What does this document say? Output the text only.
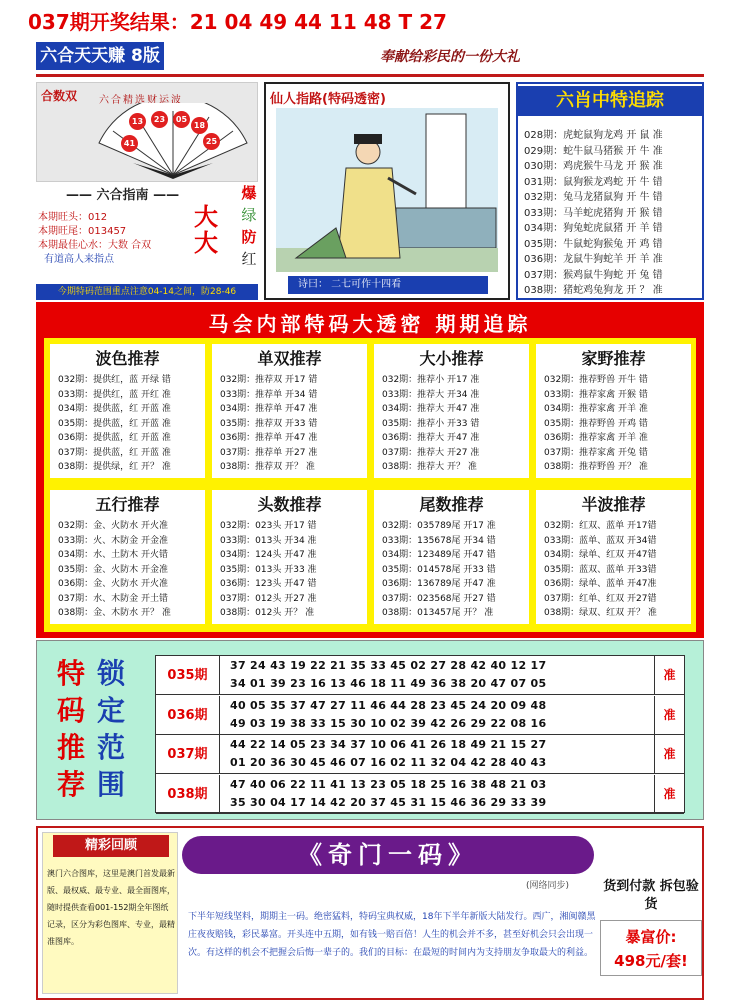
037期开奖结果：21 04 49 44 11 48 T 27
六合天天赚 8版	奉献给彩民的一份大礼
合数双 六合精选财运波
41
13	23	05
18
25
—— 六合指南 ——
本期旺头：012
本期旺尾：013457
本期最佳心水：大数 合双
有道高人来指点
大大
爆
绿
防
红
今期特码范围重点注意04-14之间，防28-46
仙人指路(特码透密)
诗曰： 二七可作十四看
六肖中特追踪
028期：虎蛇鼠狗龙鸡 开 鼠 准
029期：蛇牛鼠马猪猴 开 牛 准
030期：鸡虎猴牛马龙 开 猴 准
031期：鼠狗猴龙鸡蛇 开 牛 错
032期：兔马龙猪鼠狗 开 牛 错
033期：马羊蛇虎猪狗 开 猴 错
034期：狗兔蛇虎鼠猪 开 羊 错
035期：牛鼠蛇狗猴兔 开 鸡 错
036期：龙鼠牛狗蛇羊 开 羊 准
037期：猴鸡鼠牛狗蛇 开 兔 错
038期：猪蛇鸡兔狗龙 开 ？ 准
马会内部特码大透密 期期追踪
波色推荐
032期：提供红，蓝 开绿 错
033期：提供红，蓝 开红 准
034期：提供蓝，红 开蓝 准
035期：提供蓝，红 开蓝 准
036期：提供蓝，红 开蓝 准
037期：提供蓝，红 开蓝 准
038期：提供绿，红 开？ 准
单双推荐
032期：推荐双 开17 错
033期：推荐单 开34 错
034期：推荐单 开47 准
035期：推荐双 开33 错
036期：推荐单 开47 准
037期：推荐单 开27 准
038期：推荐双 开？ 准
大小推荐
032期：推荐小 开17 准
033期：推荐大 开34 准
034期：推荐大 开47 准
035期：推荐小 开33 错
036期：推荐大 开47 准
037期：推荐大 开27 准
038期：推荐大 开？ 准
家野推荐
032期：推荐野兽 开牛 错
033期：推荐家禽 开猴 错
034期：推荐家禽 开羊 准
035期：推荐野兽 开鸡 错
036期：推荐家禽 开羊 准
037期：推荐家禽 开兔 错
038期：推荐野兽 开？ 准
五行推荐
032期：金、火防水 开火准
033期：火、木防金 开金准
034期：水、土防木 开火错
035期：金、火防木 开金准
036期：金、火防水 开火准
037期：水、木防金 开土错
038期：金、木防水 开？ 准
头数推荐
032期：023头 开17 错
033期：013头 开34 准
034期：124头 开47 准
035期：013头 开33 准
036期：123头 开47 错
037期：012头 开27 准
038期：012头 开？ 准
尾数推荐
032期：035789尾 开17 准
033期：135678尾 开34 错
034期：123489尾 开47 错
035期：014578尾 开33 错
036期：136789尾 开47 准
037期：023568尾 开27 错
038期：013457尾 开？ 准
半波推荐
032期：红双、蓝单 开17错
033期：蓝单、蓝双 开34错
034期：绿单、红双 开47错
035期：蓝双、蓝单 开33错
036期：绿单、蓝单 开47准
037期：红单、红双 开27错
038期：绿双、红双 开？ 准
特
码
推
荐
锁
定
范
围
035期
37 24 43 19 22 21 35 33 45 02 27 28 42 40 12 17
34 01 39 23 16 13 46 18 11 49 36 38 20 47 07 05
准
036期
40 05 35 37 47 27 11 46 44 28 23 45 24 20 09 48
49 03 19 38 33 15 30 10 02 39 42 26 29 22 08 16
准
037期
44 22 14 05 23 34 37 10 06 41 26 18 49 21 15 27
01 20 36 30 45 46 07 16 02 11 32 04 42 28 40 43
准
038期
47 40 06 22 11 41 13 23 05 18 25 16 38 48 21 03
35 30 04 17 14 42 20 37 45 31 15 46 36 29 33 39
准
精彩回顾
澳门六合图库，这里是澳门首发最新版、最权威、最专业、最全面图库，随时提供查看001-152期全年图纸记录，区分为彩色图库、专业，最精准图库。
《奇门一码》
(网络同步)
下半年短线坚料，期期主一码。绝密猛料，特码宝典权威，18年下半年新版大陆发行。西广，湘闽赣黑庄夜夜赔钱，彩民暴富。开头连中五期，如有钱一赔百倍！人生的机会并不多，甚至好机会只会出现一次。有这样的机会不把握会后悔一辈子的。我们的目标：在最短的时间内为支持朋友争取最大的利益。
货到付款 拆包验货
暴富价:
498元/套!
